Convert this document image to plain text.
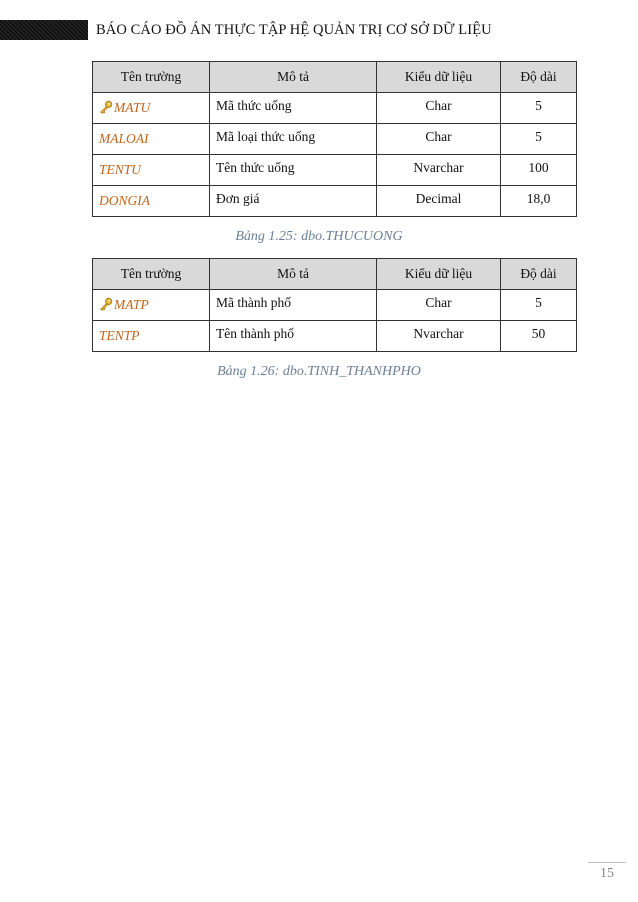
BÁO CÁO ĐỒ ÁN THỰC TẬP HỆ QUẢN TRỊ CƠ SỞ DỮ LIỆU
Tên trường	Mô tả	Kiểu dữ liệu	Độ dài
MATU	Mã thức uống	Char	5
MALOAI	Mã loại thức uống	Char	5
TENTU	Tên thức uống	Nvarchar	100
DONGIA	Đơn giá	Decimal	18,0
Bảng 1.25: dbo.THUCUONG
Tên trường	Mô tả	Kiểu dữ liệu	Độ dài
MATP	Mã thành phố	Char	5
TENTP	Tên thành phố	Nvarchar	50
Bảng 1.26: dbo.TINH_THANHPHO
15
